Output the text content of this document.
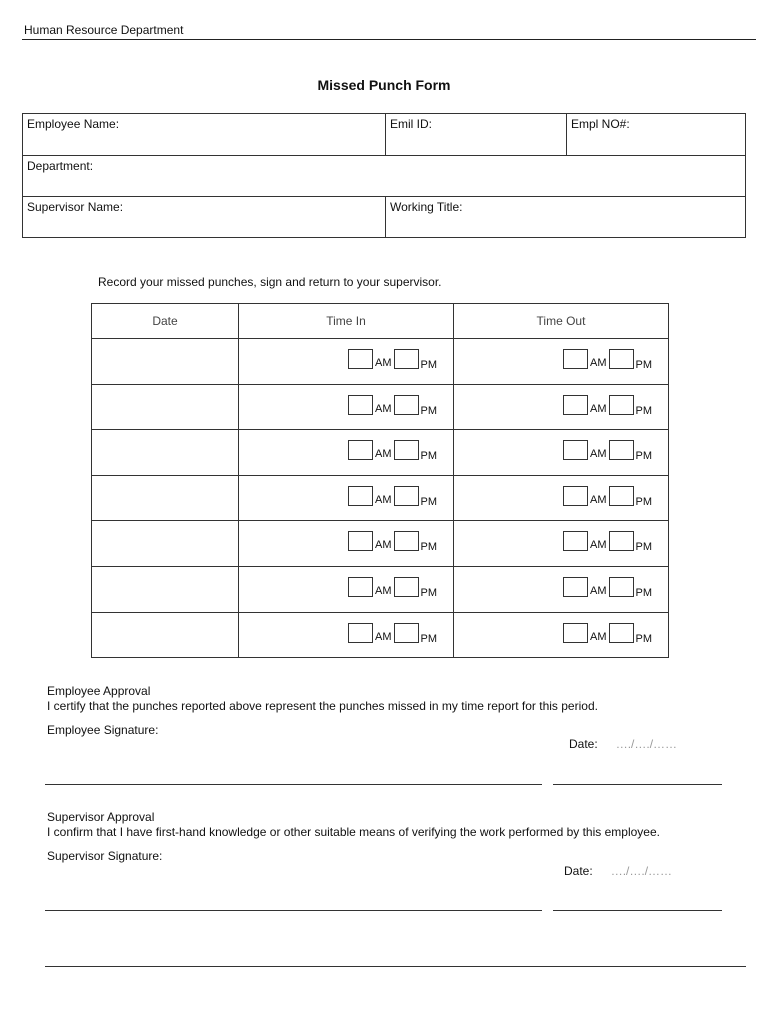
Human Resource Department
Missed Punch Form
Employee Name:	Emil ID:	Empl NO#:
Department:
Supervisor Name:	Working Title:
Record your missed punches, sign and return to your supervisor.
Date	Time In	Time Out

	AM PM	AM PM

	AM PM	AM PM

	AM PM	AM PM

	AM PM	AM PM

	AM PM	AM PM

	AM PM	AM PM

	AM PM	AM PM
Employee Approval
I certify that the punches reported above represent the punches missed in my time report for this period.
Employee Signature:
Date: …./…./……
Supervisor Approval
I confirm that I have first-hand knowledge or other suitable means of verifying the work performed by this employee.
Supervisor Signature:
Date: …./…./……
